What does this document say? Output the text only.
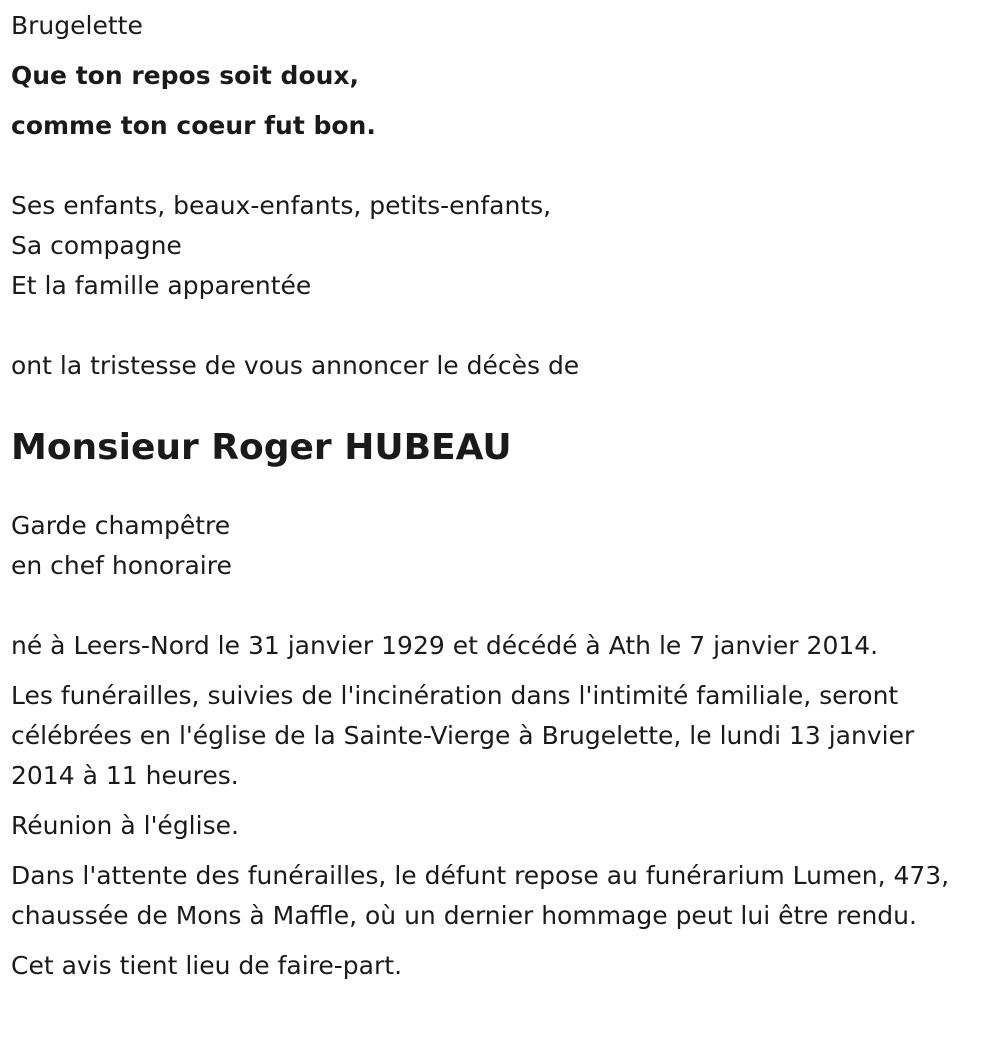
Brugelette

Que ton repos soit doux,

comme ton coeur fut bon.

Ses enfants, beaux-enfants, petits-enfants,

Sa compagne

Et la famille apparentée

ont la tristesse de vous annoncer le décès de

Monsieur Roger HUBEAU

Garde champêtre

en chef honoraire

né à Leers-Nord le 31 janvier 1929 et décédé à Ath le 7 janvier 2014.

Les funérailles, suivies de l'incinération dans l'intimité familiale, seront célébrées en l'église de la Sainte-Vierge à Brugelette, le lundi 13 janvier 2014 à 11 heures.

Réunion à l'église.

Dans l'attente des funérailles, le défunt repose au funérarium Lumen, 473, chaussée de Mons à Maffle, où un dernier hommage peut lui être rendu.

Cet avis tient lieu de faire-part.
